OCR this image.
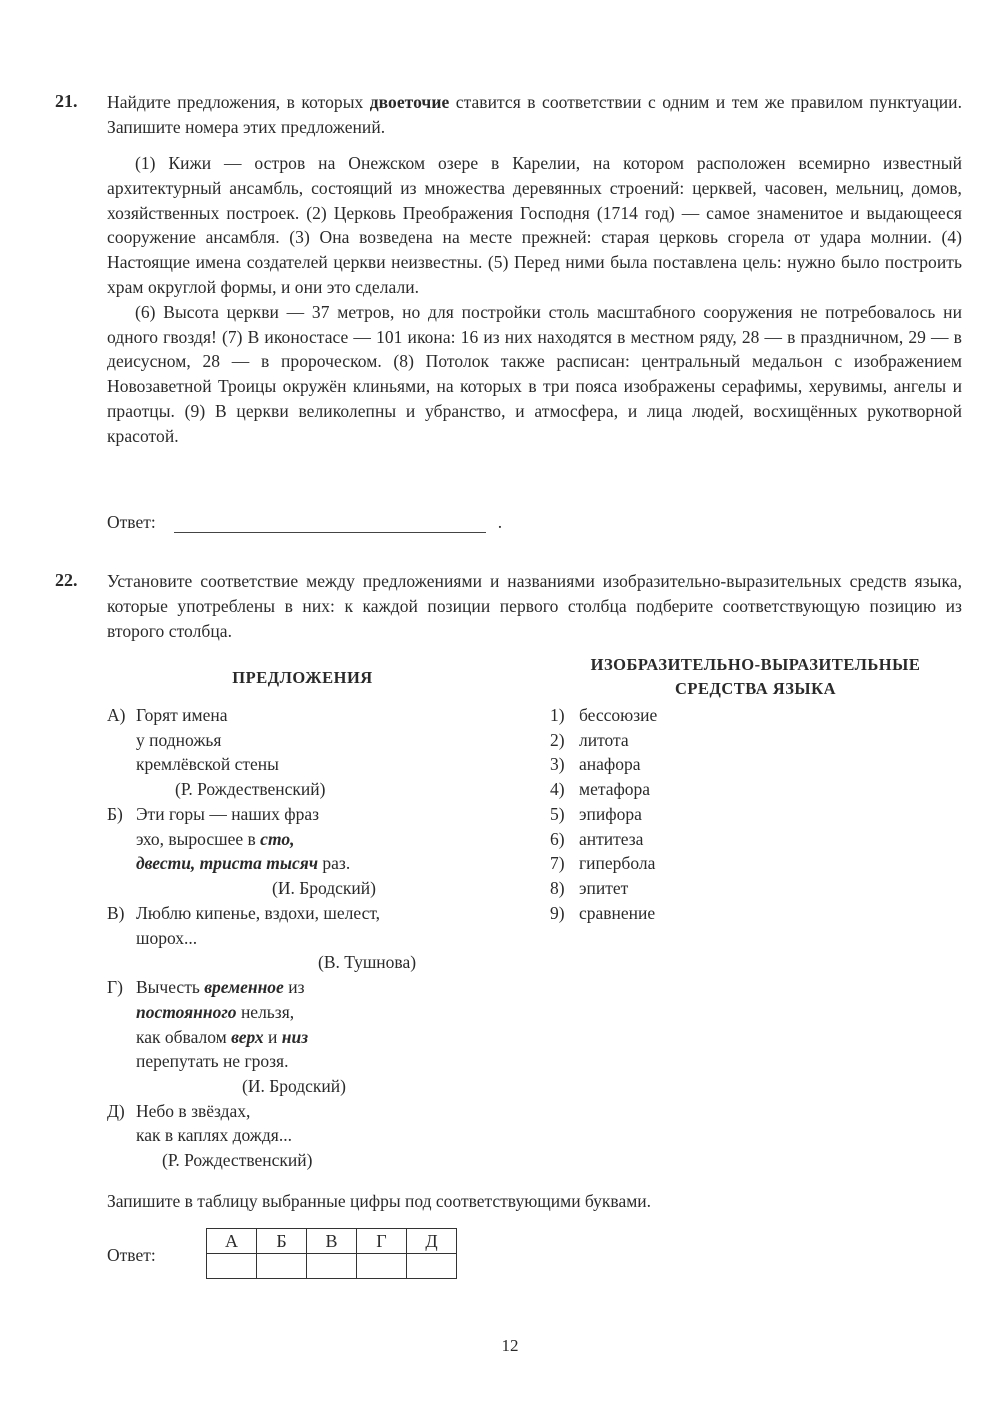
21. Найдите предложения, в которых двоеточие ставится в соответствии с одним и тем же правилом пунктуации. Запишите номера этих предложений.

(1) Кижи — остров на Онежском озере в Карелии, на котором расположен всемирно известный архитектурный ансамбль, состоящий из множества деревянных строений: церквей, часовен, мельниц, домов, хозяйственных построек. (2) Церковь Преображения Господня (1714 год) — самое знаменитое и выдающееся сооружение ансамбля. (3) Она возведена на месте прежней: старая церковь сгорела от удара молнии. (4) Настоящие имена создателей церкви неизвестны. (5) Перед ними была поставлена цель: нужно было построить храм округлой формы, и они это сделали.

(6) Высота церкви — 37 метров, но для постройки столь масштабного сооружения не потребовалось ни одного гвоздя! (7) В иконостасе — 101 икона: 16 из них находятся в местном ряду, 28 — в праздничном, 29 — в деисусном, 28 — в пророческом. (8) Потолок также расписан: центральный медальон с изображением Новозаветной Троицы окружён клиньями, на которых в три пояса изображены серафимы, херувимы, ангелы и праотцы. (9) В церкви великолепны и убранство, и атмосфера, и лица людей, восхищённых рукотворной красотой.

Ответ:	.
22. Установите соответствие между предложениями и названиями изобразительно-выразительных средств языка, которые употреблены в них: к каждой позиции первого столбца подберите соответствующую позицию из второго столбца.
ПРЕДЛОЖЕНИЯ
ИЗОБРАЗИТЕЛЬНО-ВЫРАЗИТЕЛЬНЫЕ
СРЕДСТВА ЯЗЫКА
А) Горят имена
у подножья
кремлёвской стены
(Р. Рождественский)
Б) Эти горы — наших фраз
эхо, выросшее в сто,
двести, триста тысяч раз.
(И. Бродский)
В) Люблю кипенье, вздохи, шелест,
шорох...
(В. Тушнова)
Г) Вычесть временное из
постоянного нельзя,
как обвалом верх и низ
перепутать не грозя.
(И. Бродский)
Д) Небо в звёздах,
как в каплях дождя...
(Р. Рождественский)
1) бессоюзие
2) литота
3) анафора
4) метафора
5) эпифора
6) антитеза
7) гипербола
8) эпитет
9) сравнение
Запишите в таблицу выбранные цифры под соответствующими буквами.
Ответ:
А	Б	В	Г	Д

12
